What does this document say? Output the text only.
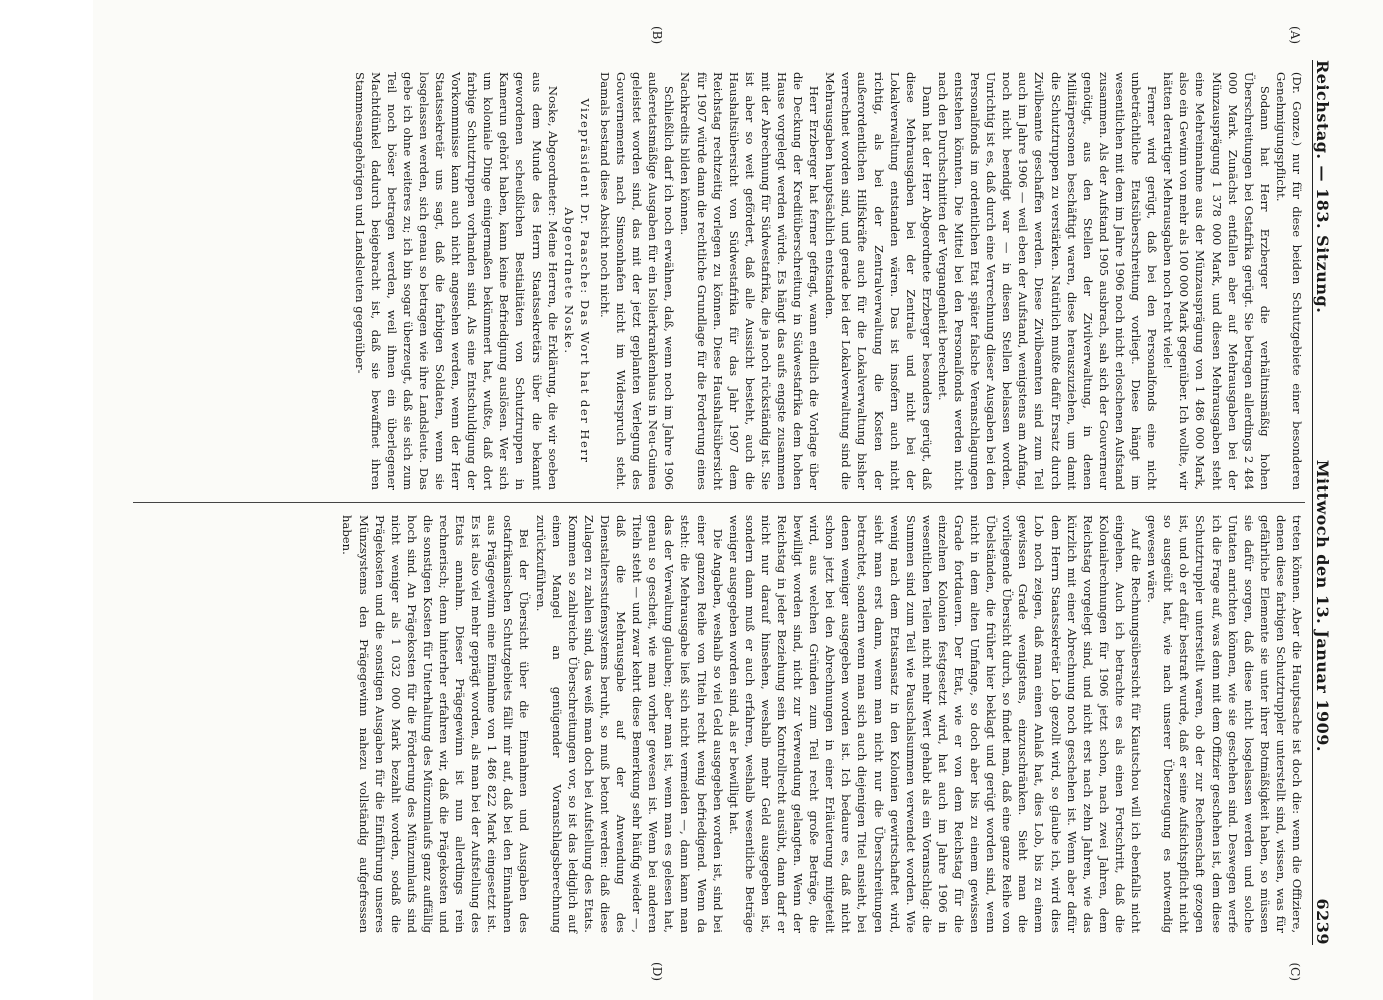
Reichstag. — 183. Sitzung.
Mittwoch den 13. Januar 1909.
6239
(A)
(B)

(Dr. Gonze.) nur für diese beiden Schutzgebiete einer besonderen Genehmigungspflicht.

Sodann hat Herr Erzberger die verhältnismäßig hohen Überschreitungen bei Ostafrika gerügt. Sie betragen allerdings 2 484 000 Mark. Zunächst entfallen aber auf Mehrausgaben bei der Münzausprägung 1 378 000 Mark, und diesen Mehrausgaben steht eine Mehreinnahme aus der Münzausprägung von 1 486 000 Mark, also ein Gewinn von mehr als 100 000 Mark gegenüber. Ich wollte, wir hätten derartiger Mehrausgaben noch recht viele!

Ferner wird gerügt, daß bei den Personalfonds eine nicht unbeträchtliche Etatsüberschreitung vorliegt. Diese hängt im wesentlichen mit dem im Jahre 1906 noch nicht erloschenen Aufstand zusammen. Als der Aufstand 1905 ausbrach, sah sich der Gouverneur genötigt, aus den Stellen der Zivilverwaltung, in denen Militärpersonen beschäftigt waren, diese herauszuziehen, um damit die Schutztruppen zu verstärken. Natürlich mußte dafür Ersatz durch Zivilbeamte geschaffen werden. Diese Zivilbeamten sind zum Teil auch im Jahre 1906 — weil eben der Aufstand, wenigstens am Anfang, noch nicht beendigt war — in diesen Stellen belassen worden. Unrichtig ist es, daß durch eine Verrechnung dieser Ausgaben bei den Personalfonds im ordentlichen Etat später falsche Veranschlagungen entstehen könnten. Die Mittel bei den Personalfonds werden nicht nach den Durchschnitten der Vergangenheit berechnet.

Dann hat der Herr Abgeordnete Erzberger besonders gerügt, daß diese Mehrausgaben bei der Zentrale und nicht bei der Lokalverwaltung entstanden wären. Das ist insofern auch nicht richtig, als bei der Zentralverwaltung die Kosten der außerordentlichen Hilfskräfte auch für die Lokalverwaltung bisher verrechnet worden sind, und gerade bei der Lokalverwaltung sind die Mehrausgaben hauptsächlich entstanden.

Herr Erzberger hat ferner gefragt, wann endlich die Vorlage über die Deckung der Kreditüberschreitung in Südwestafrika dem hohen Hause vorgelegt werden würde. Es hängt das aufs engste zusammen mit der Abrechnung für Südwestafrika, die ja noch rückständig ist. Sie ist aber so weit gefördert, daß alle Aussicht besteht, auch die Haushaltsübersicht von Südwestafrika für das Jahr 1907 dem Reichstag rechtzeitig vorlegen zu können. Diese Haushaltsübersicht für 1907 würde dann die rechtliche Grundlage für die Forderung eines Nachkredits bilden können.

Schließlich darf ich noch erwähnen, daß, wenn noch im Jahre 1906 außeretatsmäßige Ausgaben für ein Isolierkrankenhaus in Neu-Guinea geleistet worden sind, das mit der jetzt geplanten Verlegung des Gouvernements nach Simsonhafen nicht im Widerspruch steht. Damals bestand diese Absicht noch nicht.

Vizepräsident Dr. Paasche: Das Wort hat der Herr Abgeordnete Noske.

Noske, Abgeordneter: Meine Herren, die Erklärung, die wir soeben aus dem Munde des Herrn Staatssekretärs über die bekannt gewordenen scheußlichen Bestialitäten von Schutztruppen in Kamerun gehört haben, kann keine Befriedigung auslösen. Wer sich um koloniale Dinge einigermaßen bekümmert hat, wußte, daß dort farbige Schutztruppen vorhanden sind. Als eine Entschuldigung der Vorkommnisse kann auch nicht angesehen werden, wenn der Herr Staatssekretär uns sagt, daß die farbigen Soldaten, wenn sie losgelassen werden, sich genau so betragen wie ihre Landsleute. Das gebe ich ohne weiteres zu; ich bin sogar überzeugt, daß sie sich zum Teil noch böser betragen werden, weil ihnen ein überlegener Machtdünkel dadurch beigebracht ist, daß sie bewaffnet ihren Stammesangehörigen und Landsleuten gegenüber-

(C)
(D)

treten können. Aber die Hauptsache ist doch die: wenn die Offiziere, denen diese farbigen Schutztruppler unterstellt sind, wissen, was für gefährliche Elemente sie unter ihrer Botmäßigkeit haben, so müssen sie dafür sorgen, daß diese nicht losgelassen werden und solche Untaten anrichten können, wie sie geschehen sind. Deswegen werfe ich die Frage auf, was denn mit dem Offizier geschehen ist, dem diese Schutztruppler unterstellt waren, ob der zur Rechenschaft gezogen ist, und ob er dafür bestraft wurde, daß er seine Aufsichtspflicht nicht so ausgeübt hat, wie nach unserer Überzeugung es notwendig gewesen wäre.

Auf die Rechnungsübersicht für Kiautschou will ich ebenfalls nicht eingehen. Auch ich betrachte es als einen Fortschritt, daß die Kolonialrechnungen für 1906 jetzt schon, nach zwei Jahren, dem Reichstag vorgelegt sind, und nicht erst nach zehn Jahren, wie das kürzlich mit einer Abrechnung noch geschehen ist. Wenn aber dafür dem Herrn Staatssekretär Lob gezollt wird, so glaube ich, wird dies Lob noch zeigen, daß man einen Anlaß hat, dies Lob, bis zu einem gewissen Grade wenigstens, einzuschränken. Sieht man die vorliegende Übersicht durch, so findet man, daß eine ganze Reihe von Übelständen, die früher hier beklagt und gerügt worden sind, wenn nicht in dem alten Umfange, so doch aber bis zu einem gewissen Grade fortdauern. Der Etat, wie er von dem Reichstag für die einzelnen Kolonien festgesetzt wird, hat auch im Jahre 1906 in wesentlichen Teilen nicht mehr Wert gehabt als ein Voranschlag: die Summen sind zum Teil wie Pauschalsummen verwendet worden. Wie wenig nach dem Etatsansatz in den Kolonien gewirtschaftet wird, sieht man erst dann, wenn man nicht nur die Überschreitungen betrachtet, sondern wenn man sich auch diejenigen Titel ansieht, bei denen weniger ausgegeben worden ist. Ich bedaure es, daß nicht schon jetzt bei den Abrechnungen in einer Erläuterung mitgeteilt wird, aus welchen Gründen zum Teil recht große Beträge, die bewilligt worden sind, nicht zur Verwendung gelangten. Wenn der Reichstag in jeder Beziehung sein Kontrollrecht ausübt, dann darf er nicht nur darauf hinsehen, weshalb mehr Geld ausgegeben ist, sondern dann muß er auch erfahren, weshalb wesentliche Beträge weniger ausgegeben worden sind, als er bewilligt hat.

Die Angaben, weshalb so viel Geld ausgegeben worden ist, sind bei einer ganzen Reihe von Titeln recht wenig befriedigend. Wenn da steht: die Mehrausgabe ließ sich nicht vermeiden —, dann kann man das der Verwaltung glauben; aber man ist, wenn man es gelesen hat, genau so gescheit, wie man vorher gewesen ist. Wenn bei anderen Titeln steht — und zwar kehrt diese Bemerkung sehr häufig wieder —, daß die Mehrausgabe auf der Anwendung des Dienstaltersstufensystems beruht, so muß betont werden: daß diese Zulagen zu zahlen sind, das weiß man doch bei Aufstellung des Etats. Kommen so zahlreiche Überschreitungen vor, so ist das lediglich auf einen Mangel an genügender Voranschlagsberechnung zurückzuführen.

Bei der Übersicht über die Einnahmen und Ausgaben des ostafrikanischen Schutzgebiets fällt mir auf, daß bei den Einnahmen aus Prägegewinn eine Einnahme von 1 486 822 Mark eingesetzt ist. Es ist also viel mehr geprägt worden, als man bei der Aufstellung des Etats annahm. Dieser Prägegewinn ist nun allerdings rein rechnerisch; denn hinterher erfahren wir, daß die Prägekosten und die sonstigen Kosten für Unterhaltung des Münzumlaufs ganz auffällig hoch sind. An Prägekosten für die Förderung des Münzumlaufs sind nicht weniger als 1 032 000 Mark bezahlt worden, sodaß die Prägekosten und die sonstigen Ausgaben für die Einführung unseres Münzsystems den Prägegewinn nahezu vollständig aufgefressen haben.
